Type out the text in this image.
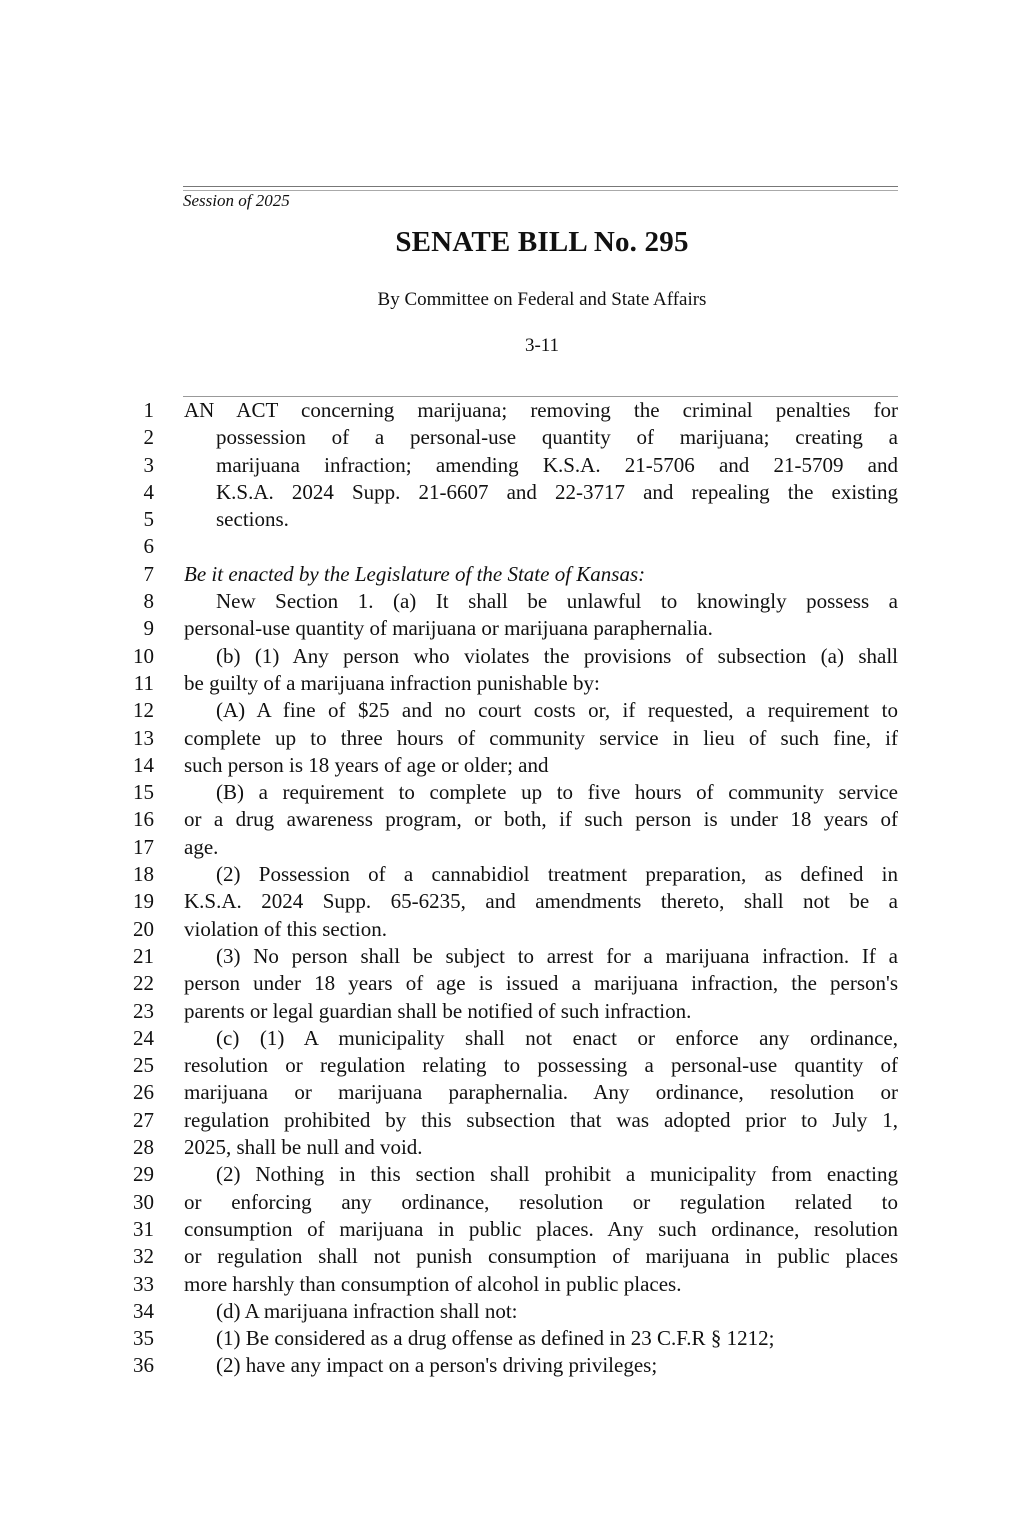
Session of 2025
SENATE BILL No. 295
By Committee on Federal and State Affairs
3-11
1 AN ACT concerning marijuana; removing the criminal penalties for
2	possession of a personal-use quantity of marijuana; creating a
3	marijuana infraction; amending K.S.A. 21-5706 and 21-5709 and
4	K.S.A. 2024 Supp. 21-6607 and 22-3717 and repealing the existing
5	sections.
6
7 Be it enacted by the Legislature of the State of Kansas:
8	New Section 1. (a) It shall be unlawful to knowingly possess a
9 personal-use quantity of marijuana or marijuana paraphernalia.
10	(b) (1) Any person who violates the provisions of subsection (a) shall
11 be guilty of a marijuana infraction punishable by:
12	(A) A fine of $25 and no court costs or, if requested, a requirement to
13 complete up to three hours of community service in lieu of such fine, if
14 such person is 18 years of age or older; and
15	(B) a requirement to complete up to five hours of community service
16 or a drug awareness program, or both, if such person is under 18 years of
17 age.
18	(2) Possession of a cannabidiol treatment preparation, as defined in
19 K.S.A. 2024 Supp. 65-6235, and amendments thereto, shall not be a
20 violation of this section.
21	(3) No person shall be subject to arrest for a marijuana infraction. If a
22 person under 18 years of age is issued a marijuana infraction, the person's
23 parents or legal guardian shall be notified of such infraction.
24	(c) (1) A municipality shall not enact or enforce any ordinance,
25 resolution or regulation relating to possessing a personal-use quantity of
26 marijuana or marijuana paraphernalia. Any ordinance, resolution or
27 regulation prohibited by this subsection that was adopted prior to July 1,
28 2025, shall be null and void.
29	(2) Nothing in this section shall prohibit a municipality from enacting
30 or enforcing any ordinance, resolution or regulation related to
31 consumption of marijuana in public places. Any such ordinance, resolution
32 or regulation shall not punish consumption of marijuana in public places
33 more harshly than consumption of alcohol in public places.
34	(d) A marijuana infraction shall not:
35	(1) Be considered as a drug offense as defined in 23 C.F.R § 1212;
36	(2) have any impact on a person's driving privileges;
